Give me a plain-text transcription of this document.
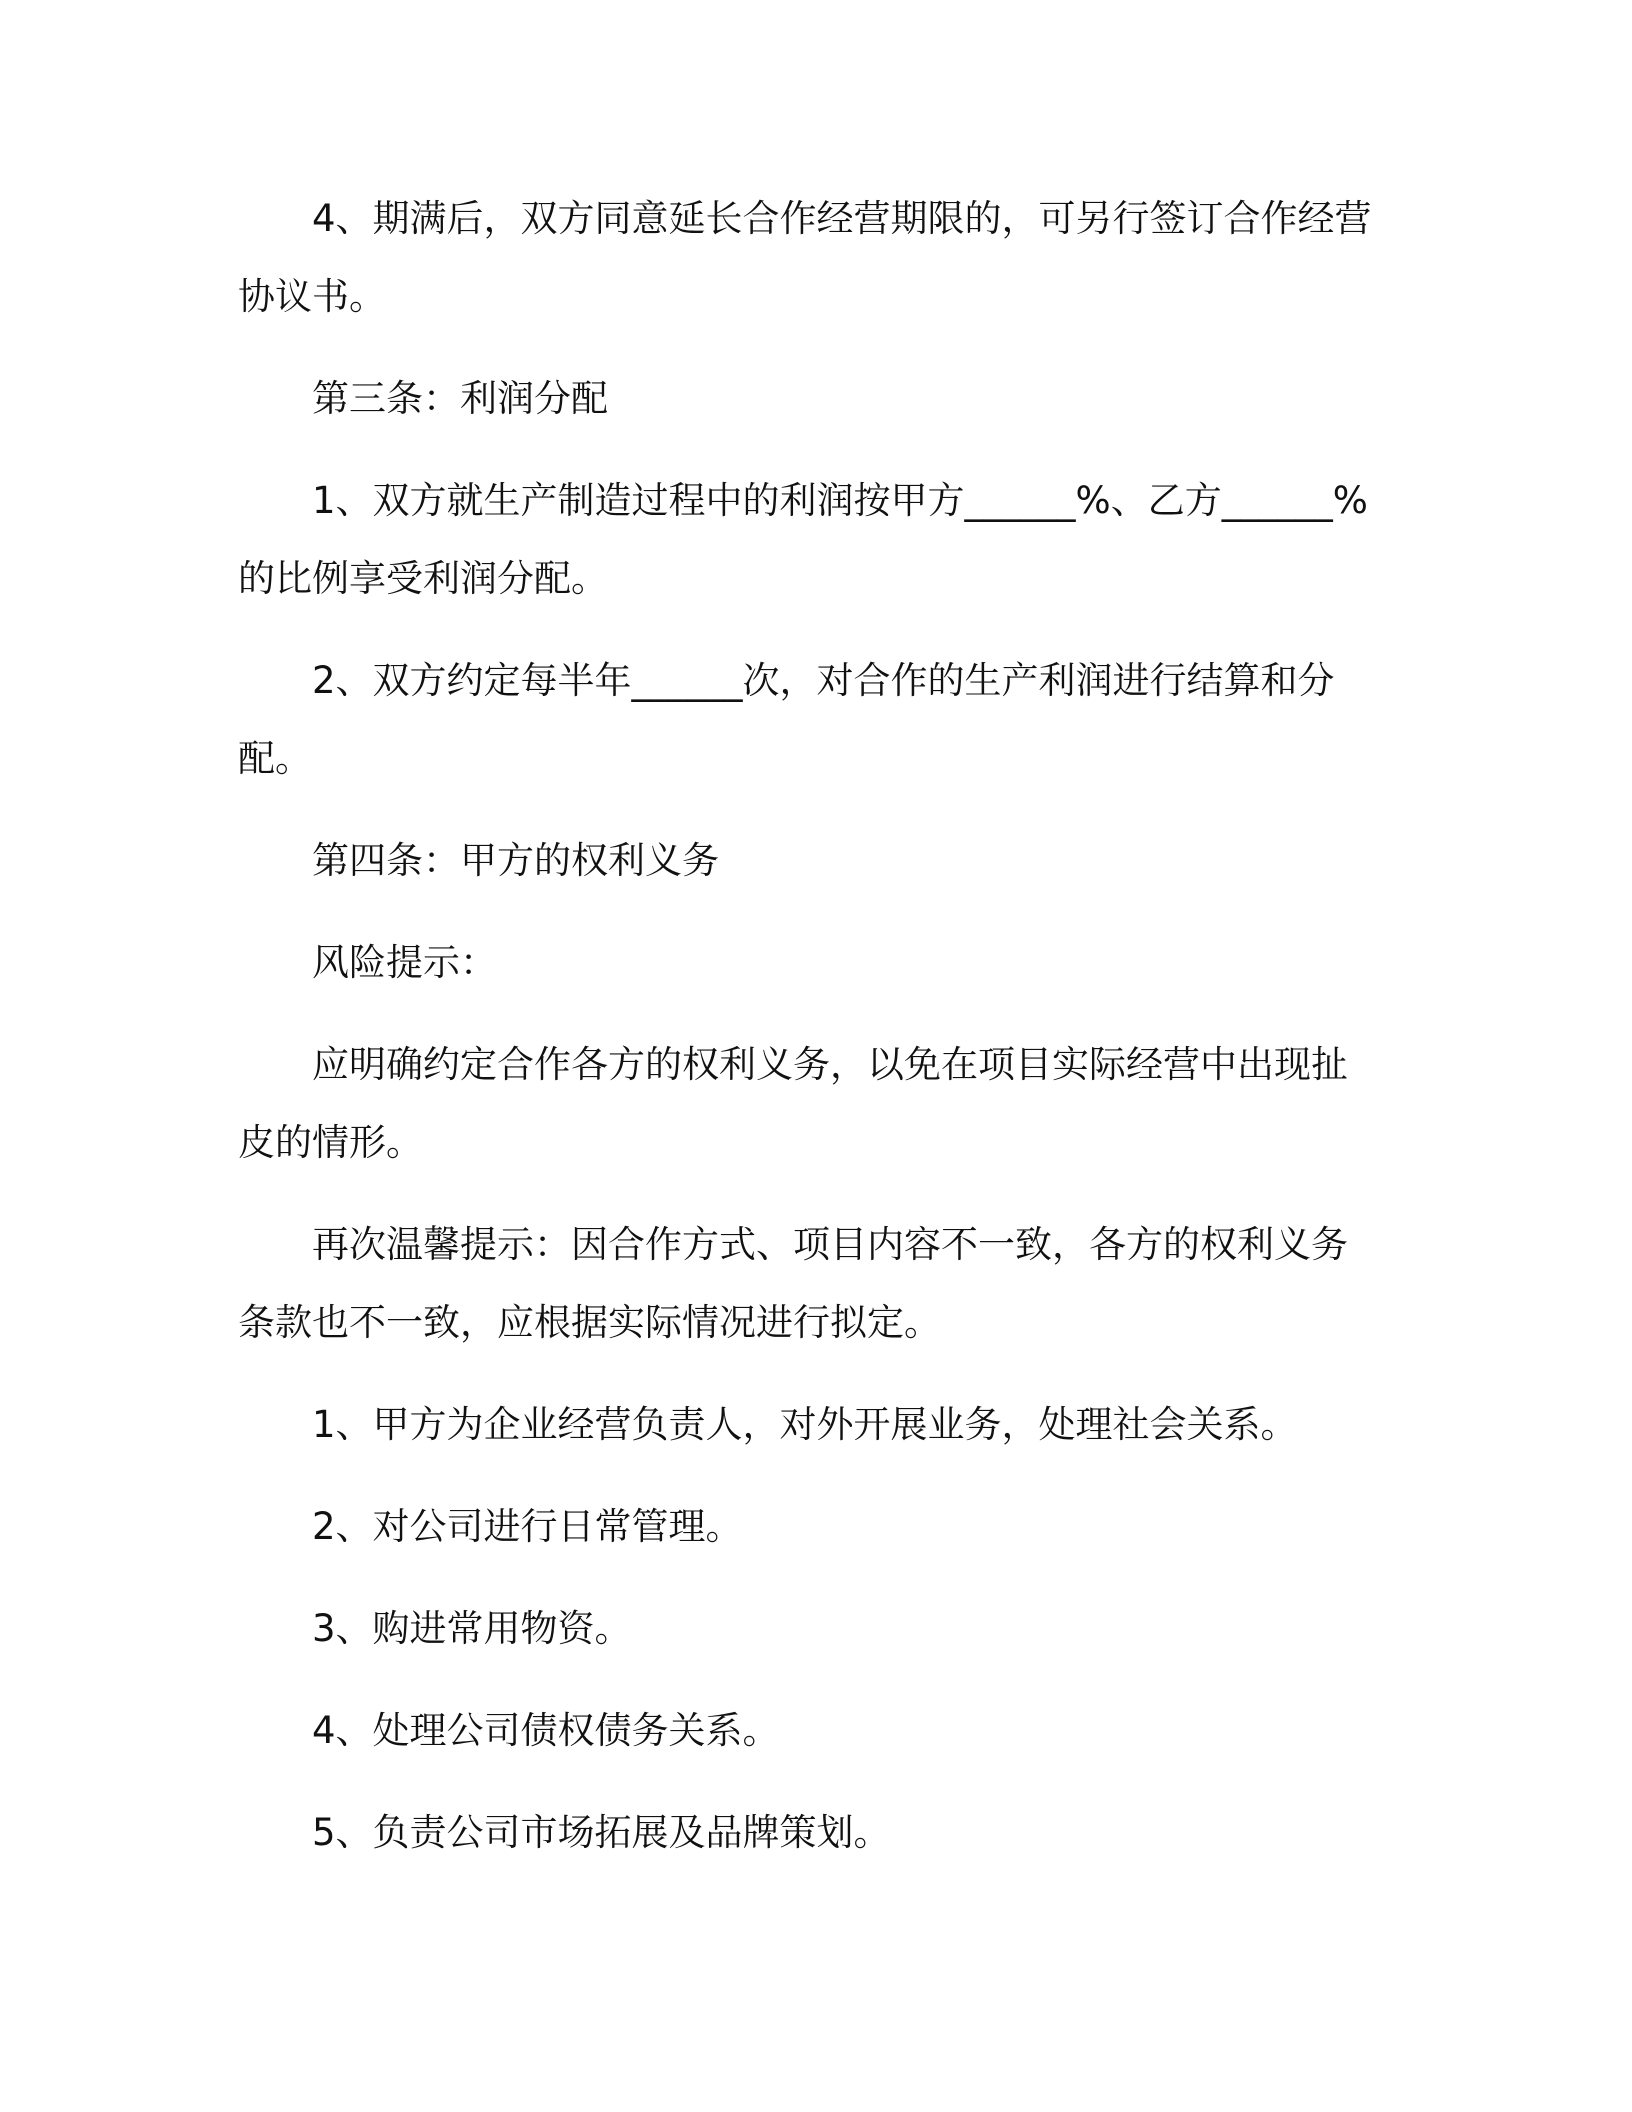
4、期满后，双方同意延长合作经营期限的，可另行签订合作经营协议书。

第三条：利润分配

1、双方就生产制造过程中的利润按甲方______%、乙方______%的比例享受利润分配。

2、双方约定每半年______次，对合作的生产利润进行结算和分配。

第四条：甲方的权利义务

风险提示：

应明确约定合作各方的权利义务，以免在项目实际经营中出现扯皮的情形。

再次温馨提示：因合作方式、项目内容不一致，各方的权利义务条款也不一致，应根据实际情况进行拟定。

1、甲方为企业经营负责人，对外开展业务，处理社会关系。

2、对公司进行日常管理。

3、购进常用物资。

4、处理公司债权债务关系。

5、负责公司市场拓展及品牌策划。
